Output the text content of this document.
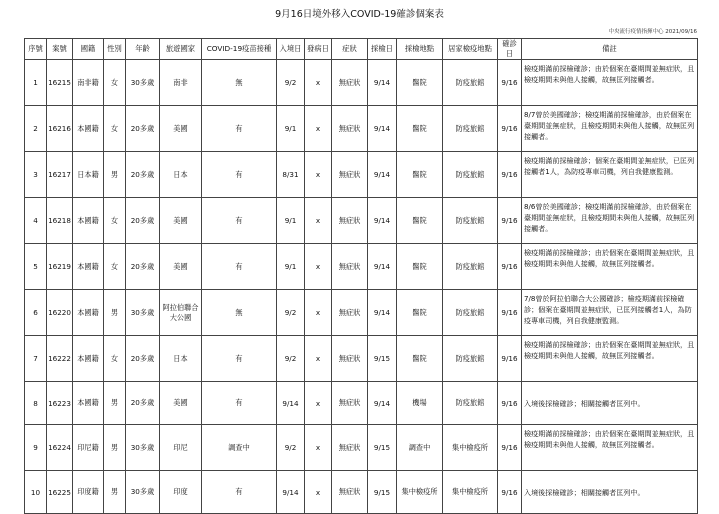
9月16日境外移入COVID-19確診個案表
中央流行疫情指揮中心 2021/09/16
序號	案號	國籍	性別	年齡	旅遊國家	COVID-19疫苗接種	入境日	發病日	症狀	採檢日	採檢地點	居家檢疫地點	確診日	備註
1	16215	南非籍	女	30多歲	南非	無	9/2	x	無症狀	9/14	醫院	防疫旅館	9/16	檢疫期滿前採檢確診；由於個案在臺期間並無症狀，且檢疫期間未與他人接觸，故無匡列接觸者。
2	16216	本國籍	女	20多歲	美國	有	9/1	x	無症狀	9/14	醫院	防疫旅館	9/16	8/7曾於美國確診；檢疫期滿前採檢確診，由於個案在臺期間並無症狀，且檢疫期間未與他人接觸，故無匡列接觸者。
3	16217	日本籍	男	20多歲	日本	有	8/31	x	無症狀	9/14	醫院	防疫旅館	9/16	檢疫期滿前採檢確診；個案在臺期間並無症狀，已匡列接觸者1人，為防疫專車司機，列自我健康監測。
4	16218	本國籍	女	20多歲	美國	有	9/1	x	無症狀	9/14	醫院	防疫旅館	9/16	8/6曾於美國確診；檢疫期滿前採檢確診，由於個案在臺期間並無症狀，且檢疫期間未與他人接觸，故無匡列接觸者。
5	16219	本國籍	女	20多歲	美國	有	9/1	x	無症狀	9/14	醫院	防疫旅館	9/16	檢疫期滿前採檢確診；由於個案在臺期間並無症狀，且檢疫期間未與他人接觸，故無匡列接觸者。
6	16220	本國籍	男	30多歲	阿拉伯聯合大公國	無	9/2	x	無症狀	9/14	醫院	防疫旅館	9/16	7/8曾於阿拉伯聯合大公國確診；檢疫期滿前採檢確診；個案在臺期間並無症狀，已匡列接觸者1人，為防疫專車司機，列自我健康監測。
7	16222	本國籍	女	20多歲	日本	有	9/2	x	無症狀	9/15	醫院	防疫旅館	9/16	檢疫期滿前採檢確診；由於個案在臺期間並無症狀，且檢疫期間未與他人接觸，故無匡列接觸者。
8	16223	本國籍	男	20多歲	美國	有	9/14	x	無症狀	9/14	機場	防疫旅館	9/16	入境後採檢確診；相關接觸者匡列中。
9	16224	印尼籍	男	30多歲	印尼	調查中	9/2	x	無症狀	9/15	調查中	集中檢疫所	9/16	檢疫期滿前採檢確診；由於個案在臺期間並無症狀，且檢疫期間未與他人接觸，故無匡列接觸者。
10	16225	印度籍	男	30多歲	印度	有	9/14	x	無症狀	9/15	集中檢疫所	集中檢疫所	9/16	入境後採檢確診；相關接觸者匡列中。
